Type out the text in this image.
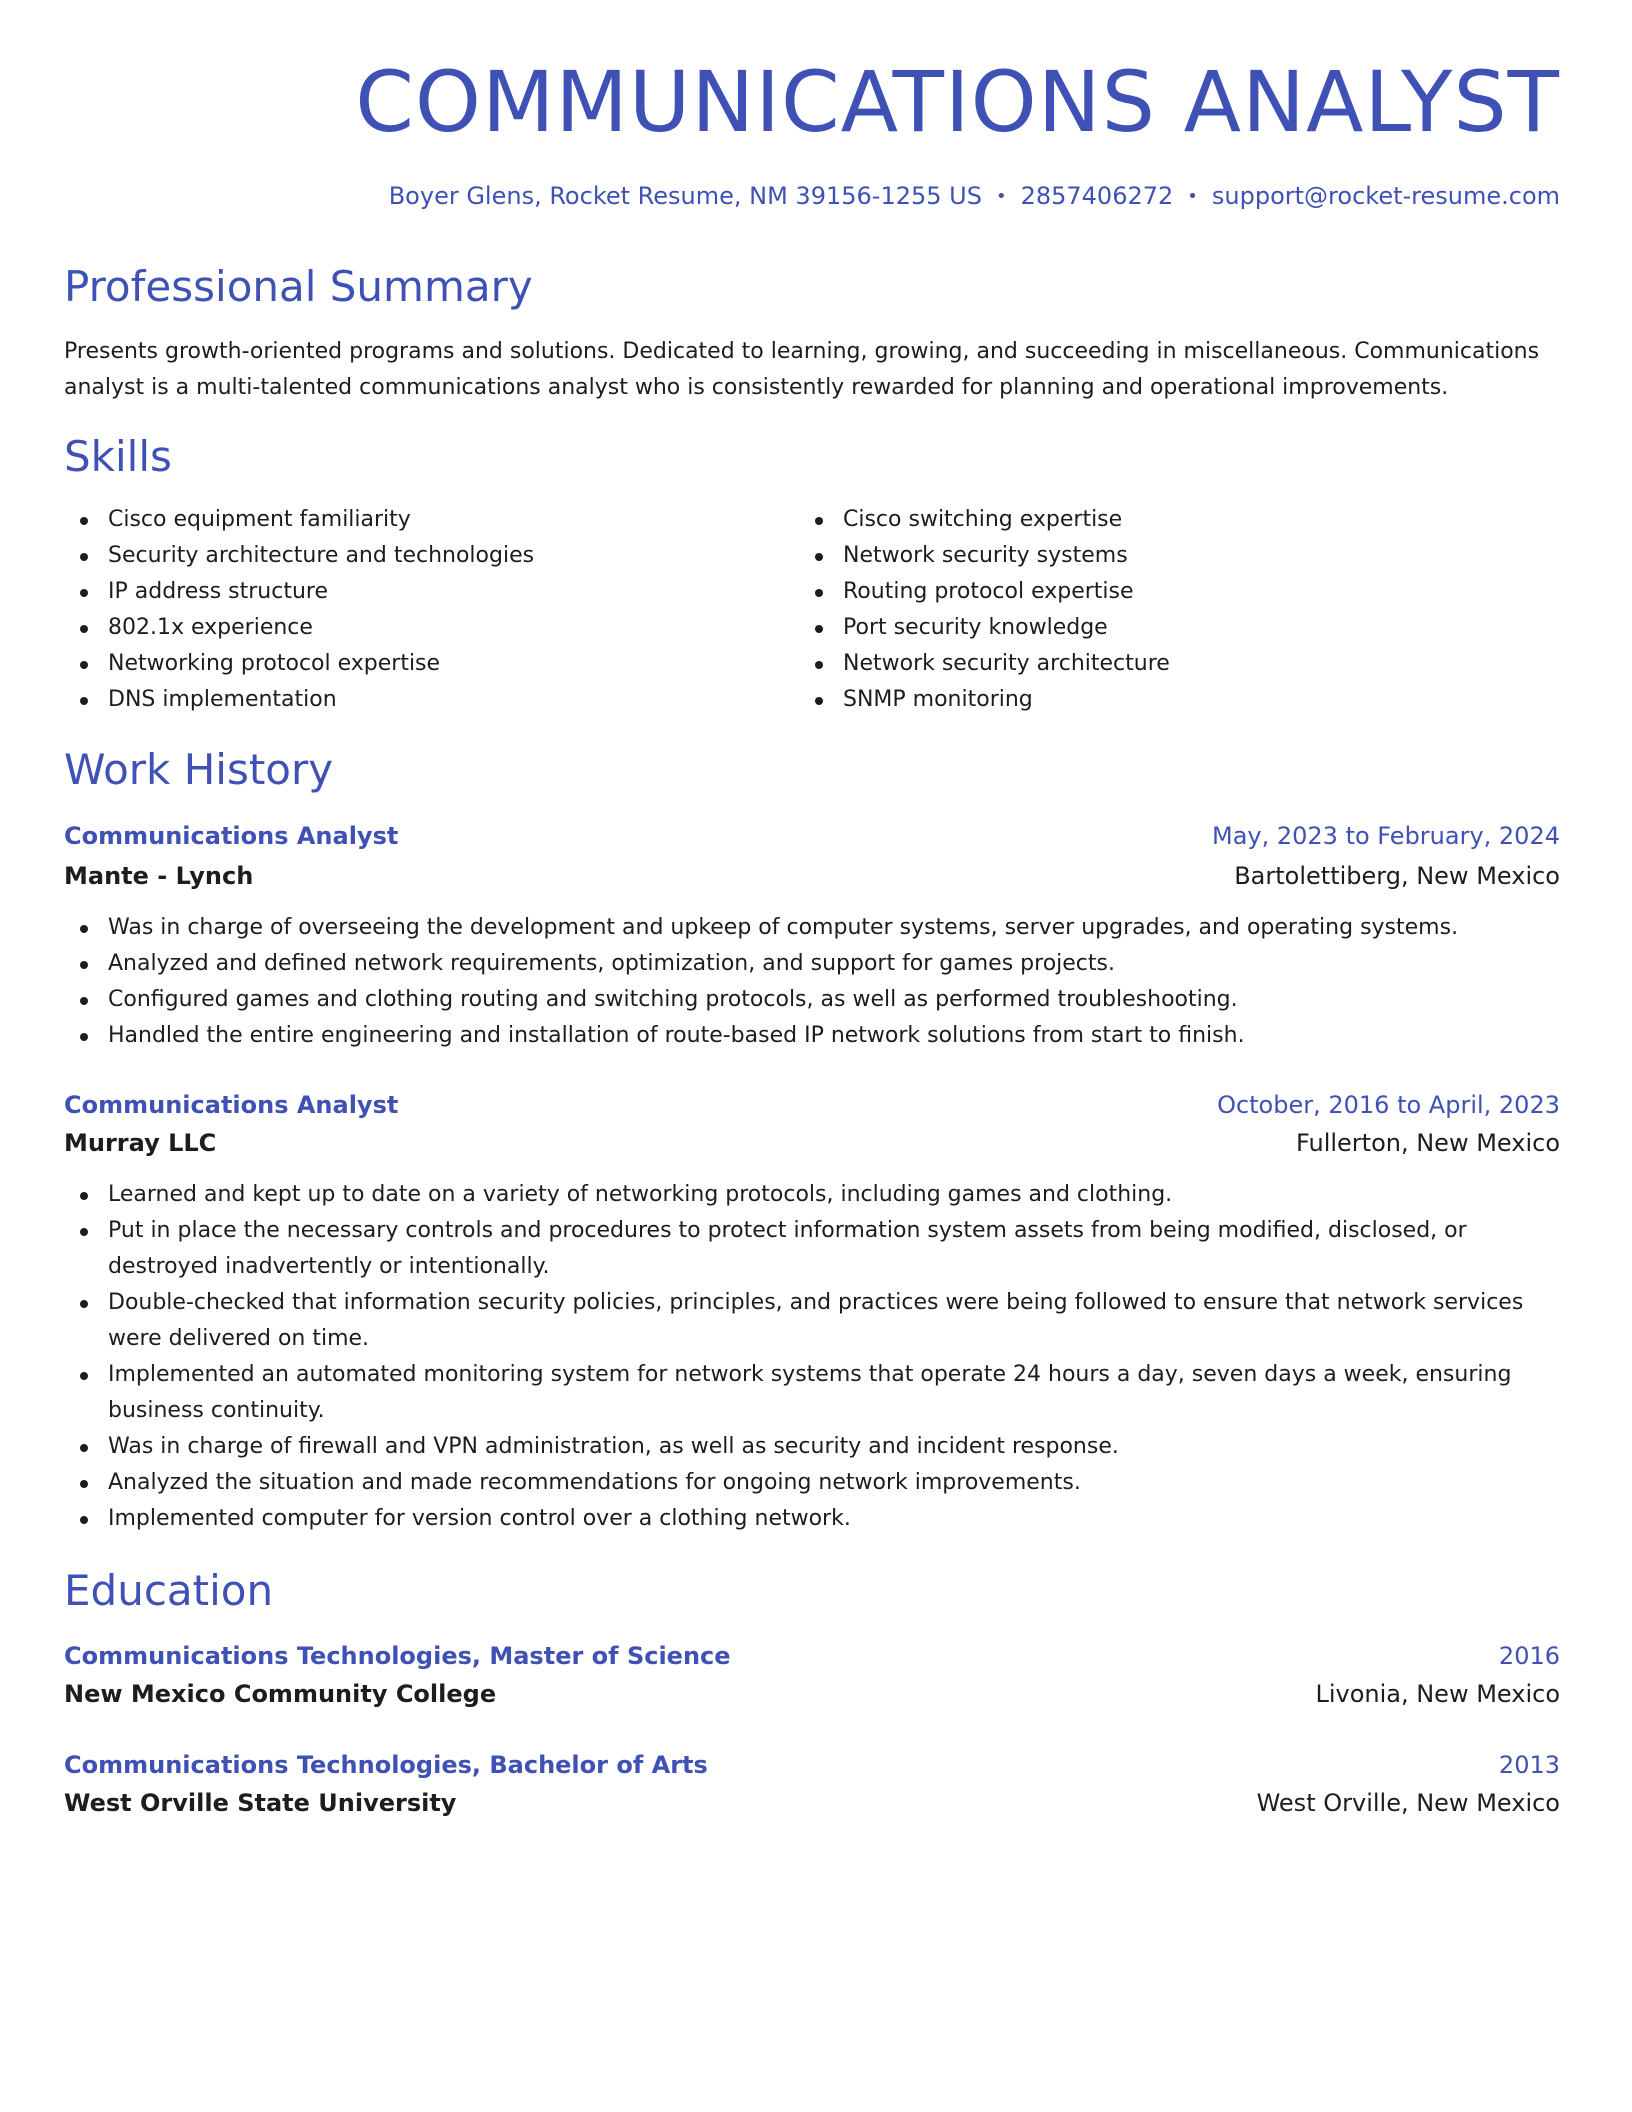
COMMUNICATIONS ANALYST
Boyer Glens, Rocket Resume, NM 39156-1255 US • 2857406272 • support@rocket-resume.com
Professional Summary

Presents growth-oriented programs and solutions. Dedicated to learning, growing, and succeeding in miscellaneous. Communications analyst is a multi-talented communications analyst who is consistently rewarded for planning and operational improvements.

Skills
Cisco equipment familiarity
Security architecture and technologies
IP address structure
802.1x experience
Networking protocol expertise
DNS implementation
Cisco switching expertise
Network security systems
Routing protocol expertise
Port security knowledge
Network security architecture
SNMP monitoring
Work History
Communications Analyst	May, 2023 to February, 2024
Mante - Lynch	Bartolettiberg, New Mexico
Was in charge of overseeing the development and upkeep of computer systems, server upgrades, and operating systems.
Analyzed and defined network requirements, optimization, and support for games projects.
Configured games and clothing routing and switching protocols, as well as performed troubleshooting.
Handled the entire engineering and installation of route-based IP network solutions from start to finish.
Communications Analyst	October, 2016 to April, 2023
Murray LLC	Fullerton, New Mexico
Learned and kept up to date on a variety of networking protocols, including games and clothing.
Put in place the necessary controls and procedures to protect information system assets from being modified, disclosed, or destroyed inadvertently or intentionally.
Double-checked that information security policies, principles, and practices were being followed to ensure that network services were delivered on time.
Implemented an automated monitoring system for network systems that operate 24 hours a day, seven days a week, ensuring business continuity.
Was in charge of firewall and VPN administration, as well as security and incident response.
Analyzed the situation and made recommendations for ongoing network improvements.
Implemented computer for version control over a clothing network.
Education
Communications Technologies, Master of Science	2016
New Mexico Community College	Livonia, New Mexico
Communications Technologies, Bachelor of Arts	2013
West Orville State University	West Orville, New Mexico
